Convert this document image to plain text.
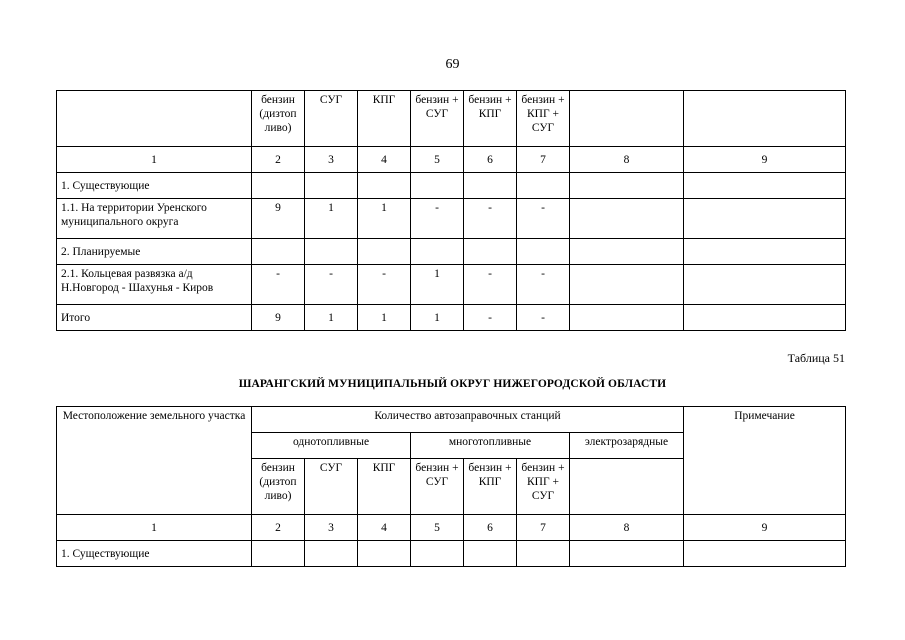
69
	бензин (дизтоп ливо)	СУГ	КПГ	бензин + СУГ	бензин + КПГ	бензин + КПГ + СУГ		
1	2	3	4	5	6	7	8	9
1. Существующие								
1.1. На территории Уренского муниципального округа	9	1	1	-	-	-		
2. Планируемые								
2.1. Кольцевая развязка а/д Н.Новгород - Шахунья - Киров	-	-	-	1	-	-		
Итого	9	1	1	1	-	-		
Таблица 51
ШАРАНГСКИЙ МУНИЦИПАЛЬНЫЙ ОКРУГ НИЖЕГОРОДСКОЙ ОБЛАСТИ
Местоположение земельного участка	Количество автозаправочных станций							Примечание
	однотопливные			многотопливные			электрозарядные	
	бензин (дизтоп ливо)	СУГ	КПГ	бензин + СУГ	бензин + КПГ	бензин + КПГ + СУГ		
1	2	3	4	5	6	7	8	9
1. Существующие								
